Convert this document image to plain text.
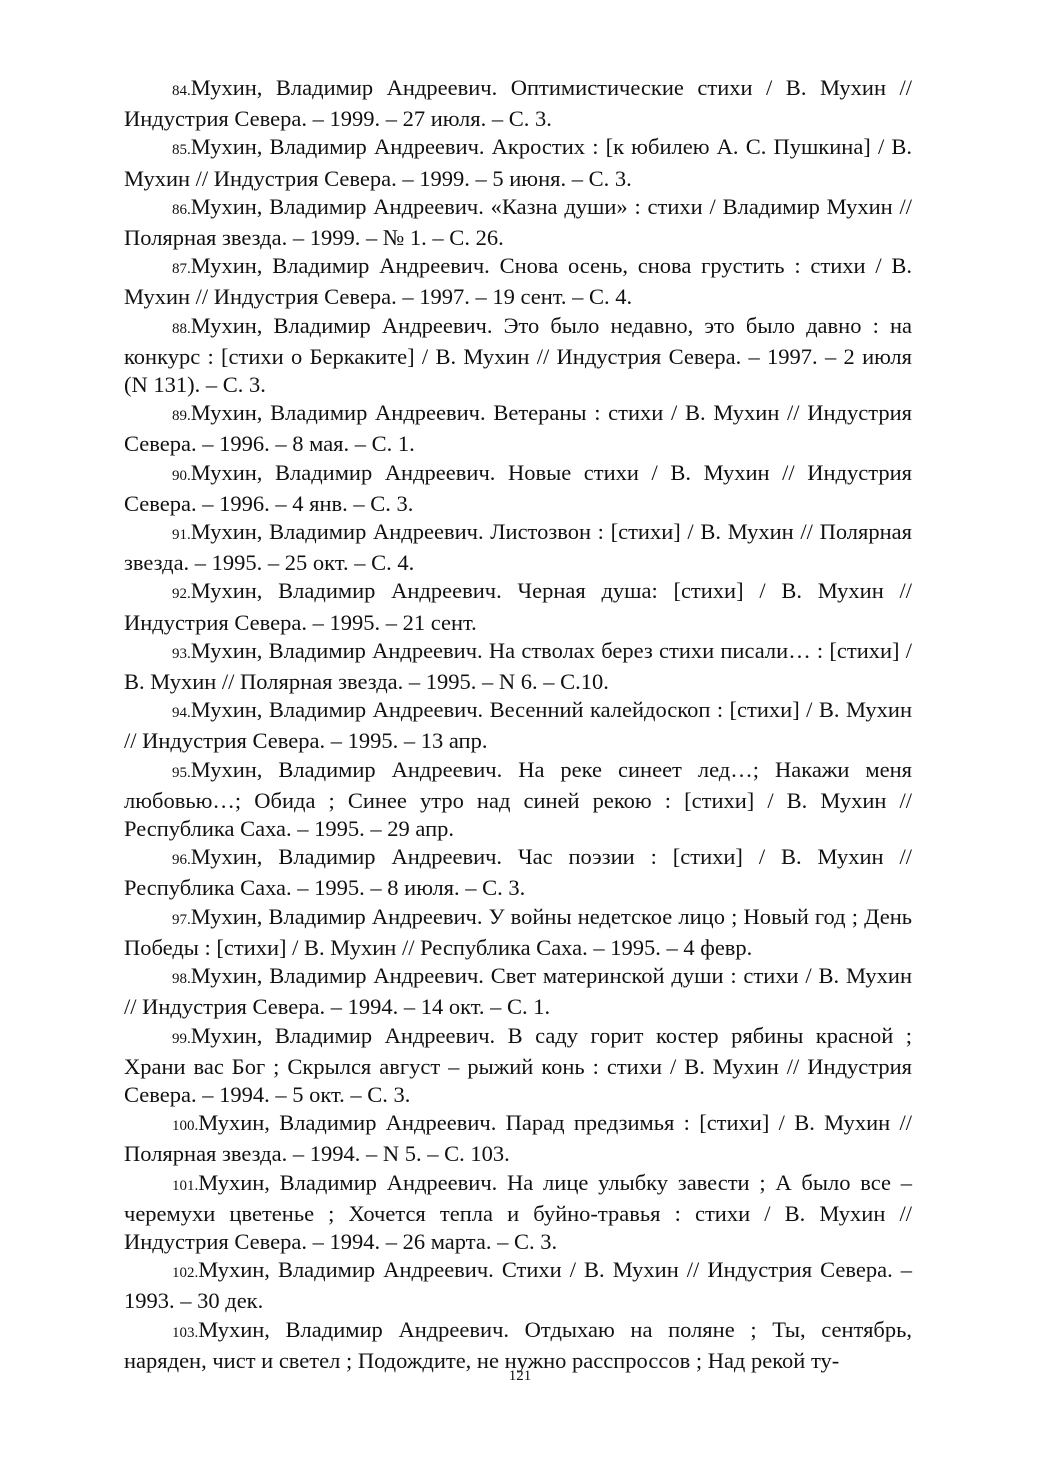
84.Мухин, Владимир Андреевич. Оптимистические стихи / В. Мухин // Индустрия Севера. – 1999. – 27 июля. – С. 3.

85.Мухин, Владимир Андреевич. Акростих : [к юбилею А. С. Пушкина] / В. Мухин // Индустрия Севера. – 1999. – 5 июня. – С. 3.

86.Мухин, Владимир Андреевич. «Казна души» : стихи / Владимир Мухин // Полярная звезда. – 1999. – № 1. – С. 26.

87.Мухин, Владимир Андреевич. Снова осень, снова грустить : стихи / В. Мухин // Индустрия Севера. – 1997. – 19 сент. – С. 4.

88.Мухин, Владимир Андреевич. Это было недавно, это было давно : на конкурс : [стихи о Беркаките] / В. Мухин // Индустрия Севера. – 1997. – 2 июля (N 131). – С. 3.

89.Мухин, Владимир Андреевич. Ветераны : стихи / В. Мухин // Индустрия Севера. – 1996. – 8 мая. – С. 1.

90.Мухин, Владимир Андреевич. Новые стихи / В. Мухин // Индустрия Севера. – 1996. – 4 янв. – С. 3.

91.Мухин, Владимир Андреевич. Листозвон : [стихи] / В. Мухин // Полярная звезда. – 1995. – 25 окт. – С. 4.

92.Мухин, Владимир Андреевич. Черная душа: [стихи] / В. Мухин // Индустрия Севера. – 1995. – 21 сент.

93.Мухин, Владимир Андреевич. На стволах берез стихи писали… : [стихи] / В. Мухин // Полярная звезда. – 1995. – N 6. – С.10.

94.Мухин, Владимир Андреевич. Весенний калейдоскоп : [стихи] / В. Мухин // Индустрия Севера. – 1995. – 13 апр.

95.Мухин, Владимир Андреевич. На реке синеет лед…; Накажи меня любовью…; Обида ; Синее утро над синей рекою : [стихи] / В. Мухин // Республика Саха. – 1995. – 29 апр.

96.Мухин, Владимир Андреевич. Час поэзии : [стихи] / В. Мухин // Республика Саха. – 1995. – 8 июля. – С. 3.

97.Мухин, Владимир Андреевич. У войны недетское лицо ; Новый год ; День Победы : [стихи] / В. Мухин // Республика Саха. – 1995. – 4 февр.

98.Мухин, Владимир Андреевич. Свет материнской души : стихи / В. Мухин // Индустрия Севера. – 1994. – 14 окт. – С. 1.

99.Мухин, Владимир Андреевич. В саду горит костер рябины красной ; Храни вас Бог ; Скрылся август – рыжий конь : стихи / В. Мухин // Индустрия Севера. – 1994. – 5 окт. – С. 3.

100.Мухин, Владимир Андреевич. Парад предзимья : [стихи] / В. Мухин // Полярная звезда. – 1994. – N 5. – С. 103.

101.Мухин, Владимир Андреевич. На лице улыбку завести ; А было все – черемухи цветенье ; Хочется тепла и буйно-травья : стихи / В. Мухин // Индустрия Севера. – 1994. – 26 марта. – С. 3.

102.Мухин, Владимир Андреевич. Стихи / В. Мухин // Индустрия Севера. – 1993. – 30 дек.

103.Мухин, Владимир Андреевич. Отдыхаю на поляне ; Ты, сентябрь, наряден, чист и светел ; Подождите, не нужно расспроссов ; Над рекой ту-

121
